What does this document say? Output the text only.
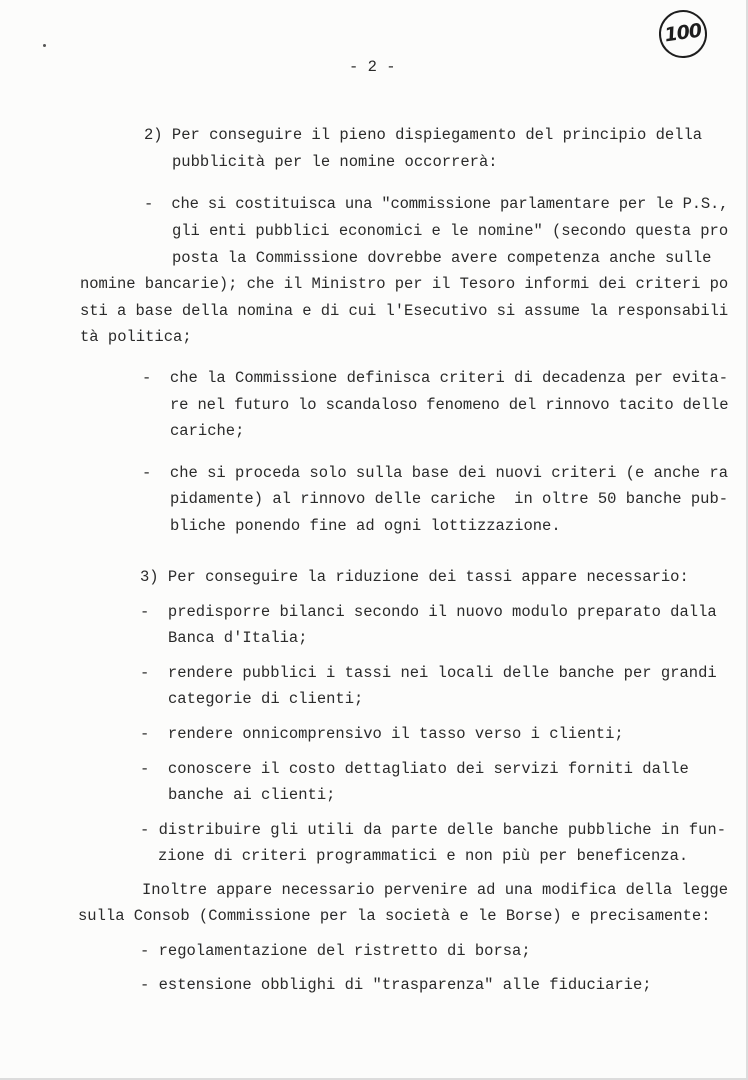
100
- 2 -
2) Per conseguire il pieno dispiegamento del principio della
pubblicità per le nomine occorrerà:
-  che si costituisca una "commissione parlamentare per le P.S.,
gli enti pubblici economici e le nomine" (secondo questa pro
posta la Commissione dovrebbe avere competenza anche sulle
nomine bancarie); che il Ministro per il Tesoro informi dei criteri po
sti a base della nomina e di cui l'Esecutivo si assume la responsabili
tà politica;
-  che la Commissione definisca criteri di decadenza per evita-
re nel futuro lo scandaloso fenomeno del rinnovo tacito delle
cariche;
-  che si proceda solo sulla base dei nuovi criteri (e anche ra
pidamente) al rinnovo delle cariche  in oltre 50 banche pub-
bliche ponendo fine ad ogni lottizzazione.
3) Per conseguire la riduzione dei tassi appare necessario:
-  predisporre bilanci secondo il nuovo modulo preparato dalla
Banca d'Italia;
-  rendere pubblici i tassi nei locali delle banche per grandi
categorie di clienti;
-  rendere onnicomprensivo il tasso verso i clienti;
-  conoscere il costo dettagliato dei servizi forniti dalle
banche ai clienti;
- distribuire gli utili da parte delle banche pubbliche in fun-
zione di criteri programmatici e non più per beneficenza.
Inoltre appare necessario pervenire ad una modifica della legge
sulla Consob (Commissione per la società e le Borse) e precisamente:
- regolamentazione del ristretto di borsa;
- estensione obblighi di "trasparenza" alle fiduciarie;
